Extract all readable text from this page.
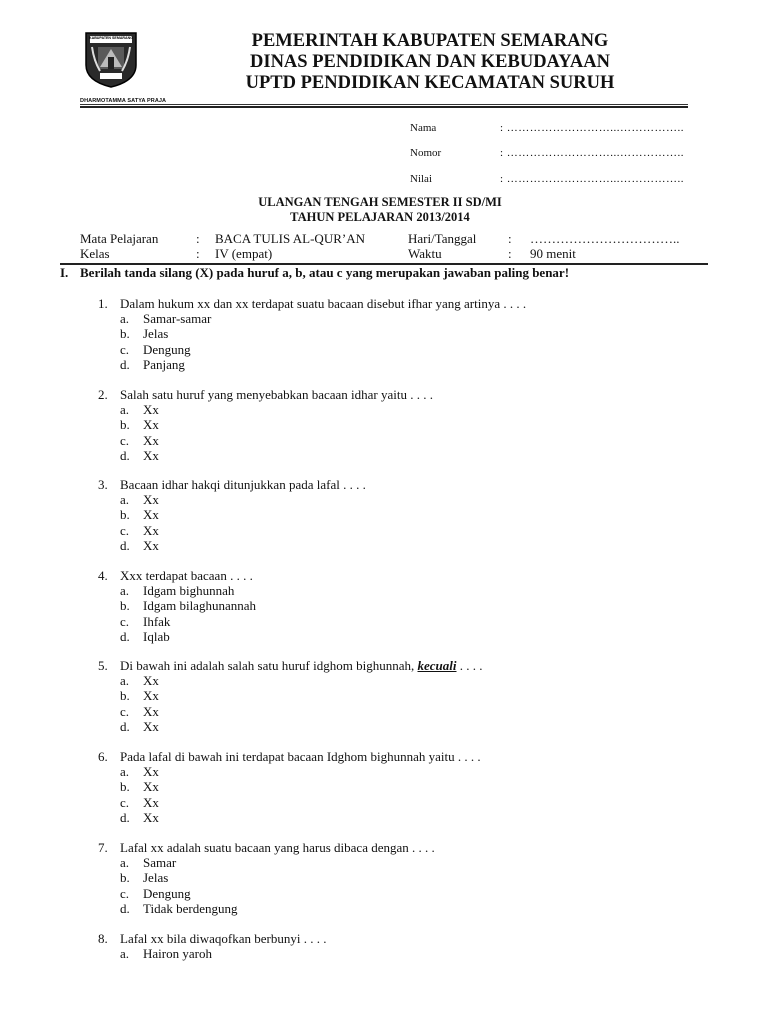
KABUPATEN SEMARANG
DHARMOTAMMA SATYA PRAJA
PEMERINTAH KABUPATEN SEMARANG
DINAS PENDIDIKAN DAN KEBUDAYAAN
UPTD PENDIDIKAN KECAMATAN SURUH
Nama	: ………………………...……………..
Nomor	: ………………………...……………..
Nilai	: ………………………...……………..
ULANGAN TENGAH SEMESTER II SD/MI
TAHUN PELAJARAN 2013/2014
Mata Pelajaran	: BACA TULIS AL-QUR’AN	Hari/Tanggal : ……………………………..
Kelas	: IV (empat)	Waktu	: 90 menit
I. Berilah tanda silang (X) pada huruf a, b, atau c yang merupakan jawaban paling benar!
1. Dalam hukum xx dan xx terdapat suatu bacaan disebut ifhar yang artinya . . . .
a. Samar-samar
b. Jelas
c. Dengung
d. Panjang
2. Salah satu huruf yang menyebabkan bacaan idhar yaitu . . . .
a. Xx
b. Xx
c. Xx
d. Xx
3. Bacaan idhar hakqi ditunjukkan pada lafal . . . .
a. Xx
b. Xx
c. Xx
d. Xx
4. Xxx terdapat bacaan . . . .
a. Idgam bighunnah
b. Idgam bilaghunannah
c. Ihfak
d. Iqlab
5. Di bawah ini adalah salah satu huruf idghom bighunnah, kecuali . . . .
a. Xx
b. Xx
c. Xx
d. Xx
6. Pada lafal di bawah ini terdapat bacaan Idghom bighunnah yaitu . . . .
a. Xx
b. Xx
c. Xx
d. Xx
7. Lafal xx adalah suatu bacaan yang harus dibaca dengan . . . .
a. Samar
b. Jelas
c. Dengung
d. Tidak berdengung
8. Lafal xx bila diwaqofkan berbunyi . . . .
a. Hairon yaroh
